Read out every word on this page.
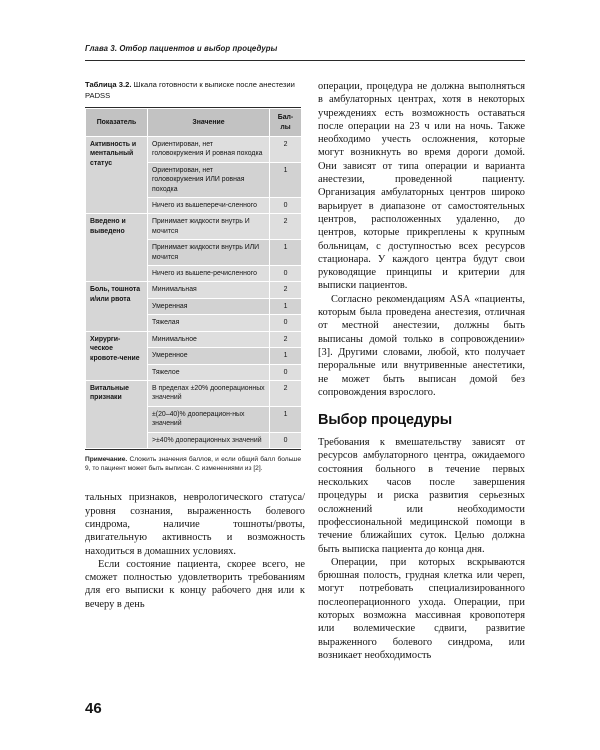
Глава 3. Отбор пациентов и выбор процедуры

Таблица 3.2. Шкала готовности к выписке после анестезии PADSS

Показатель	Значение	Бал-
лы
Активность и ментальный статус	Ориентирован, нет головокружения И ровная походка	2
	Ориентирован, нет головокружения ИЛИ ровная походка	1
	Ничего из вышеперечи-сленного	0
Введено и выведено	Принимает жидкости внутрь И мочится	2
	Принимает жидкости внутрь ИЛИ мочится	1
	Ничего из вышепе-речисленного	0
Боль, тошнота и/или рвота	Минимальная	2
	Умеренная	1
	Тяжелая	0
Хирурги-ческое кровоте-чение	Минимальное	2
	Умеренное	1
	Тяжелое	0
Витальные признаки	В пределах ±20% дооперационных значений	2
	±(20–40)% дооперацион-ных значений	1
	>±40% дооперационных значений	0

Примечание. Сложить значения баллов, и если общий балл больше 9, то пациент может быть выписан. С изменениями из [2].

тальных признаков, неврологического статуса/уровня сознания, выраженность болевого синдрома, наличие тошноты/рвоты, двигательную активность и возможность находиться в домашних условиях.

Если состояние пациента, скорее всего, не сможет полностью удовлетворить требованиям для его выписки к концу рабочего дня или к вечеру в день

операции, процедура не должна выполняться в амбулаторных центрах, хотя в некоторых учреждениях есть возможность оставаться после операции на 23 ч или на ночь. Также необходимо учесть осложнения, которые могут возникнуть во время дороги домой. Они зависят от типа операции и варианта анестезии, проведенной пациенту. Организация амбулаторных центров широко варьирует в диапазоне от самостоятельных центров, расположенных удаленно, до центров, которые прикреплены к крупным больницам, с доступностью всех ресурсов стационара. У каждого центра будут свои руководящие принципы и критерии для выписки пациентов.

Согласно рекомендациям ASA «пациенты, которым была проведена анестезия, отличная от местной анестезии, должны быть выписаны домой только в сопровождении» [3]. Другими словами, любой, кто получает пероральные или внутривенные анестетики, не может быть выписан домой без сопровождения взрослого.

Выбор процедуры

Требования к вмешательству зависят от ресурсов амбулаторного центра, ожидаемого состояния больного в течение первых нескольких часов после завершения процедуры и риска развития серьезных осложнений или необходимости профессиональной медицинской помощи в течение ближайших суток. Целью должна быть выписка пациента до конца дня.

Операции, при которых вскрываются брюшная полость, грудная клетка или череп, могут потребовать специализированного послеоперационного ухода. Операции, при которых возможна массивная кровопотеря или волемические сдвиги, развитие выраженного болевого синдрома, или возникает необходимость

46
